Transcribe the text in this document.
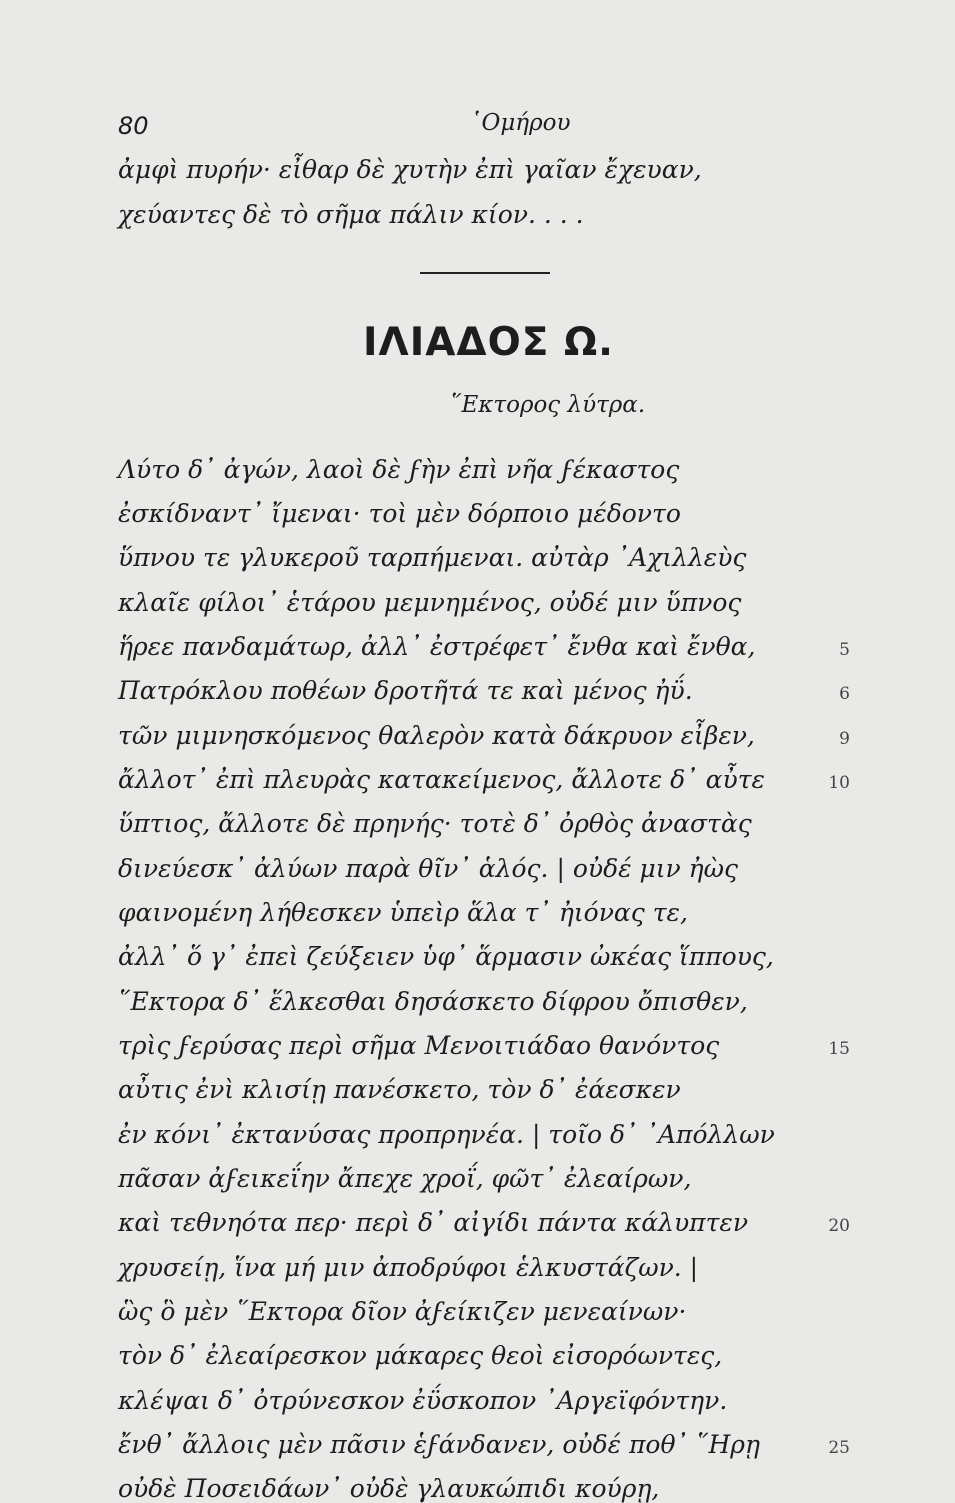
80	῾Ομήρου
ἀμφὶ πυρήν· εἶθαρ δὲ χυτὴν ἐπὶ γαῖαν ἔχευαν,
χεύαντες δὲ τὸ σῆμα πάλιν κίον. . . .
ΙΛΙΑΔΟΣ Ω.
῞Εκτορος λύτρα.
Λύτο δ᾽ ἀγών, λαοὶ δὲ ϝὴν ἐπὶ νῆα ϝέκαστος
ἐσκίδναντ᾽ ἴμεναι· τοὶ μὲν δόρποιο μέδοντο
ὕπνου τε γλυκεροῦ ταρπήμεναι. αὐτὰρ ᾿Αχιλλεὺς
κλαῖε φίλοι᾽ ἑτάρου μεμνημένος, οὐδέ μιν ὕπνος
ἥρεε πανδαμάτωρ, ἀλλ᾽ ἐστρέφετ᾽ ἔνθα καὶ ἔνθα,
Πατρόκλου ποθέων δροτῆτά τε καὶ μένος ἠΰ.
τῶν μιμνησκόμενος θαλερὸν κατὰ δάκρυον εἶβεν,
ἄλλοτ᾽ ἐπὶ πλευρὰς κατακείμενος, ἄλλοτε δ᾽ αὖτε
ὕπτιος, ἄλλοτε δὲ πρηνής· τοτὲ δ᾽ ὀρθὸς ἀναστὰς
δινεύεσκ᾽ ἀλύων παρὰ θῖν᾽ ἁλός. | οὐδέ μιν ἠὼς
φαινομένη λήθεσκεν ὑπεὶρ ἅλα τ᾽ ἠιόνας τε,
ἀλλ᾽ ὅ γ᾽ ἐπεὶ ζεύξειεν ὑφ᾽ ἅρμασιν ὠκέας ἵππους,
῞Εκτορα δ᾽ ἕλκεσθαι δησάσκετο δίφρου ὄπισθεν,
τρὶς ϝερύσας περὶ σῆμα Μενοιτιάδαο θανόντος
αὖτις ἐνὶ κλισίῃ πανέσκετο, τὸν δ᾽ ἐάεσκεν
ἐν κόνι᾽ ἐκτανύσας προπρηνέα. | τοῖο δ᾽ ᾿Απόλλων
πᾶσαν ἀϝεικεΐην ἄπεχε χροΐ, φῶτ᾽ ἐλεαίρων,
καὶ τεθνηότα περ· περὶ δ᾽ αἰγίδι πάντα κάλυπτεν
χρυσείῃ, ἵνα μή μιν ἀποδρύφοι ἑλκυστάζων. |
ὣς ὃ μὲν ῞Εκτορα δῖον ἀϝείκιζεν μενεαίνων·
τὸν δ᾽ ἐλεαίρεσκον μάκαρες θεοὶ εἰσορόωντες,
κλέψαι δ᾽ ὀτρύνεσκον ἐΰσκοπον ᾿Αργεϊφόντην.
ἔνθ᾽ ἄλλοις μὲν πᾶσιν ἑϝάνδανεν, οὐδέ ποθ᾽ ῞Ηρῃ
οὐδὲ Ποσειδάων᾽ οὐδὲ γλαυκώπιδι κούρῃ,
5
6
9
10
15
20
25
